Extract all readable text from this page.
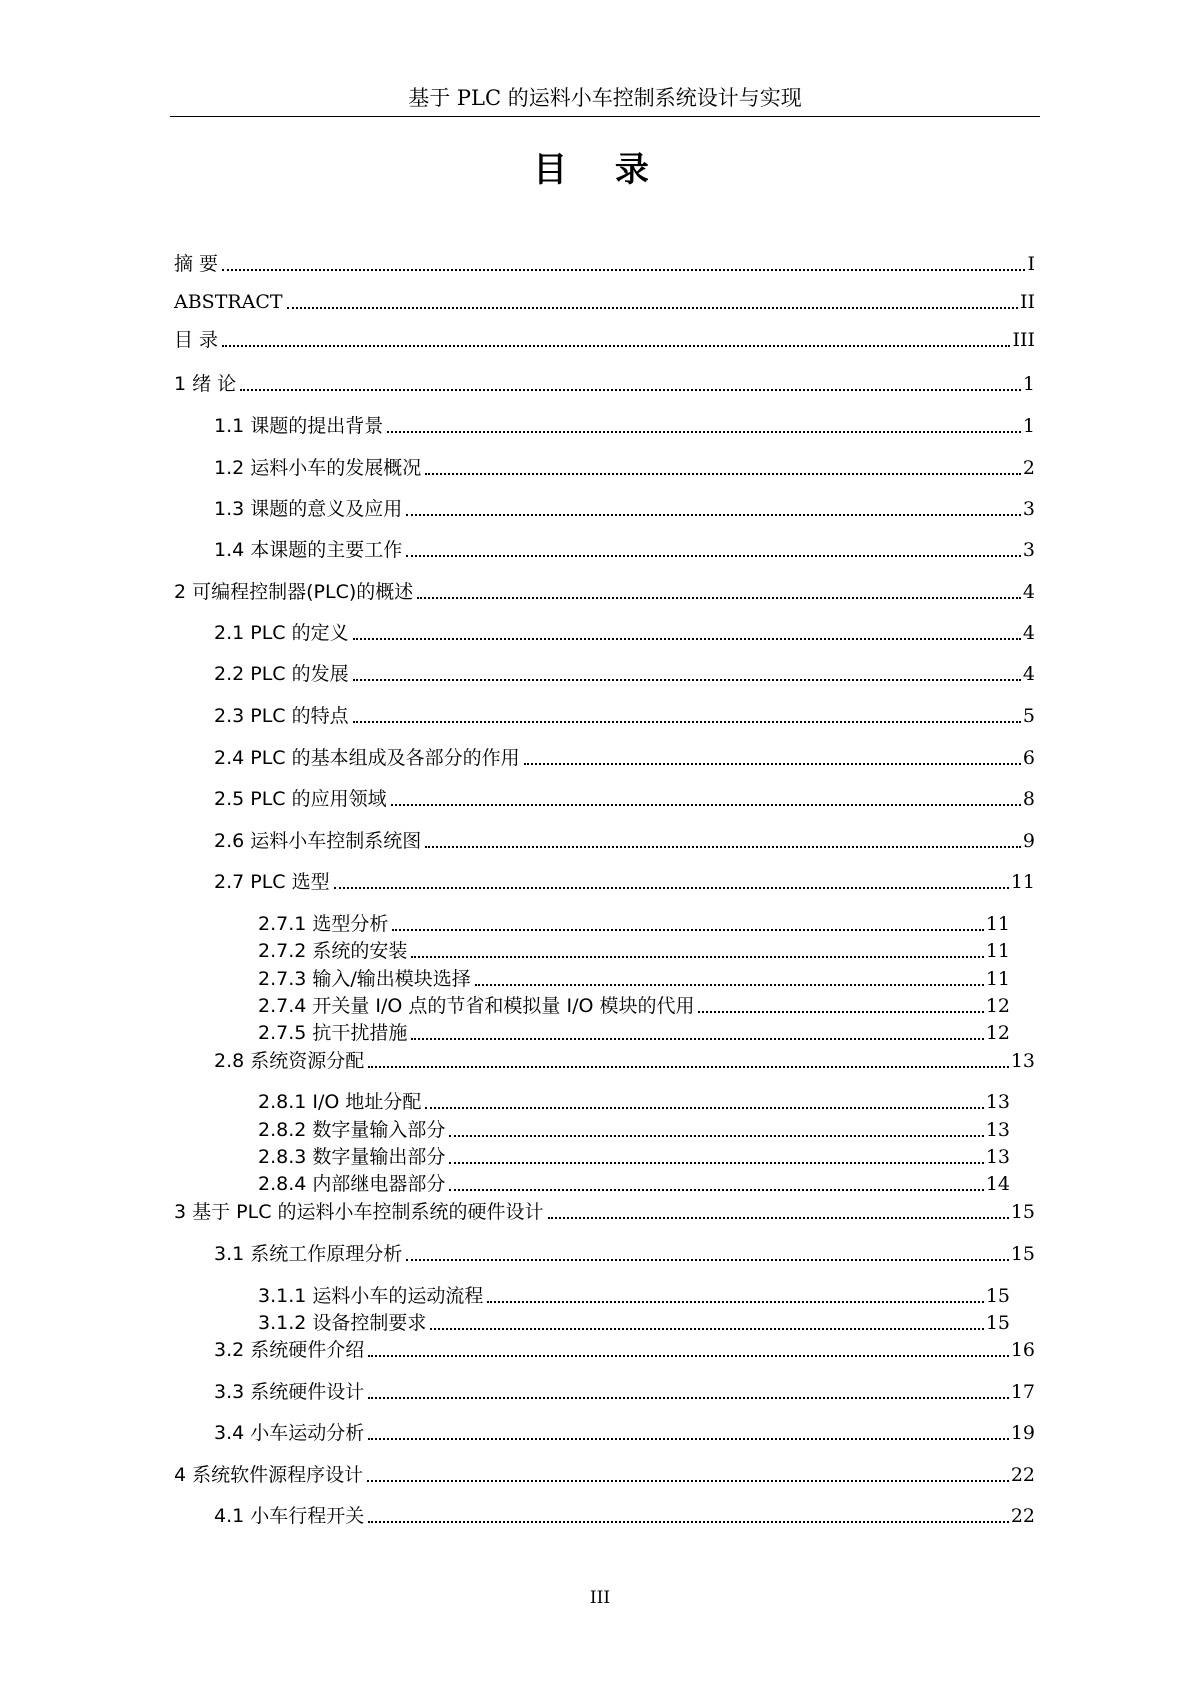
基于 PLC 的运料小车控制系统设计与实现
目 录
摘 要	I
ABSTRACT	II
目 录	III
1 绪 论	1
1.1 课题的提出背景	1
1.2 运料小车的发展概况	2
1.3 课题的意义及应用	3
1.4 本课题的主要工作	3
2 可编程控制器(PLC)的概述	4
2.1 PLC 的定义	4
2.2 PLC 的发展	4
2.3 PLC 的特点	5
2.4 PLC 的基本组成及各部分的作用	6
2.5 PLC 的应用领域	8
2.6 运料小车控制系统图	9
2.7 PLC 选型	11
2.7.1 选型分析	11
2.7.2 系统的安装	11
2.7.3 输入/输出模块选择	11
2.7.4 开关量 I/O 点的节省和模拟量 I/O 模块的代用	12
2.7.5 抗干扰措施	12
2.8 系统资源分配	13
2.8.1 I/O 地址分配	13
2.8.2 数字量输入部分	13
2.8.3 数字量输出部分	13
2.8.4 内部继电器部分	14
3 基于 PLC 的运料小车控制系统的硬件设计	15
3.1 系统工作原理分析	15
3.1.1 运料小车的运动流程	15
3.1.2 设备控制要求	15
3.2 系统硬件介绍	16
3.3 系统硬件设计	17
3.4 小车运动分析	19
4 系统软件源程序设计	22
4.1 小车行程开关	22
III
